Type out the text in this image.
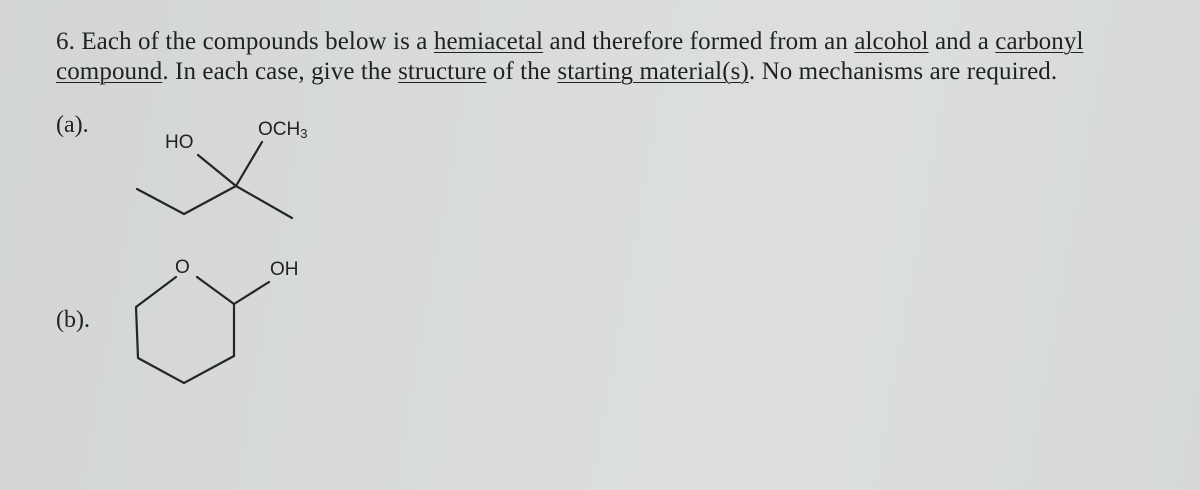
6. Each of the compounds below is a hemiacetal and therefore formed from an alcohol and a carbonyl
compound. In each case, give the structure of the starting material(s). No mechanisms are required.
(a).
(b).
HO
$OCH_3$
O	OH
